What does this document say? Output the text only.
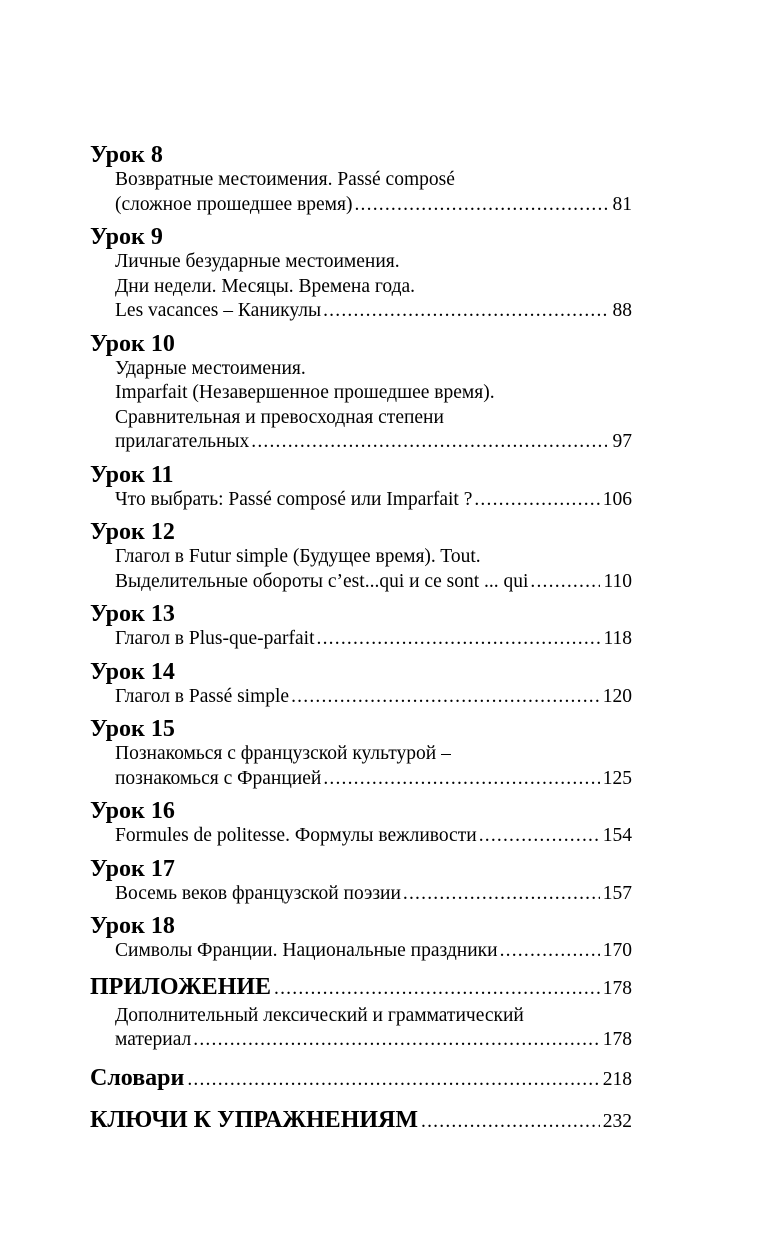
Урок 8
Возвратные местоимения. Passé composé
(сложное прошедшее время) .....	81
Урок 9
Личные безударные местоимения.
Дни недели. Месяцы. Времена года.
Les vacances – Каникулы .....	88
Урок 10
Ударные местоимения.
Imparfait (Незавершенное прошедшее время).
Сравнительная и превосходная степени
прилагательных .....	97
Урок 11
Что выбрать: Passé composé или Imparfait ? .....	106
Урок 12
Глагол в Futur simple (Будущее время). Tout.
Выделительные обороты c’est...qui и ce sont ... qui .....	110
Урок 13
Глагол в Plus-que-parfait .....	118
Урок 14
Глагол в Passé simple .....	120
Урок 15
Познакомься с французской культурой –
познакомься с Францией .....	125
Урок 16
Formules de politesse. Формулы вежливости .....	154
Урок 17
Восемь веков французской поэзии .....	157
Урок 18
Символы Франции. Национальные праздники .....	170
ПРИЛОЖЕНИЕ .....	178
Дополнительный лексический и грамматический
материал .....	178
Словари .....	218
КЛЮЧИ К УПРАЖНЕНИЯМ .....	232
